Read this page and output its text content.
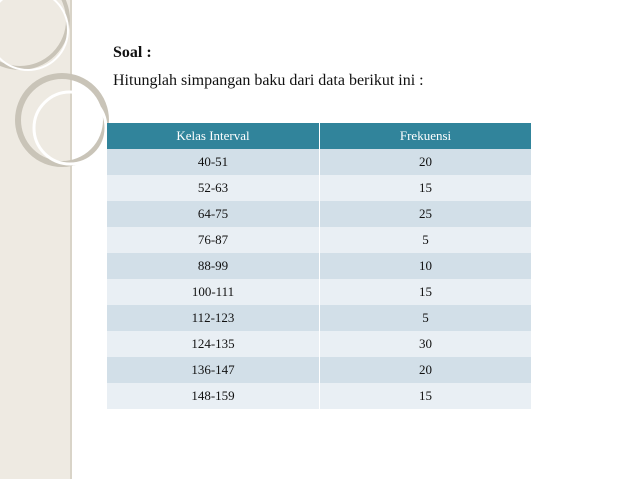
Soal :
Hitunglah simpangan baku dari data berikut ini :
Kelas Interval	Frekuensi
40-51	20
52-63	15
64-75	25
76-87	5
88-99	10
100-111	15
112-123	5
124-135	30
136-147	20
148-159	15
